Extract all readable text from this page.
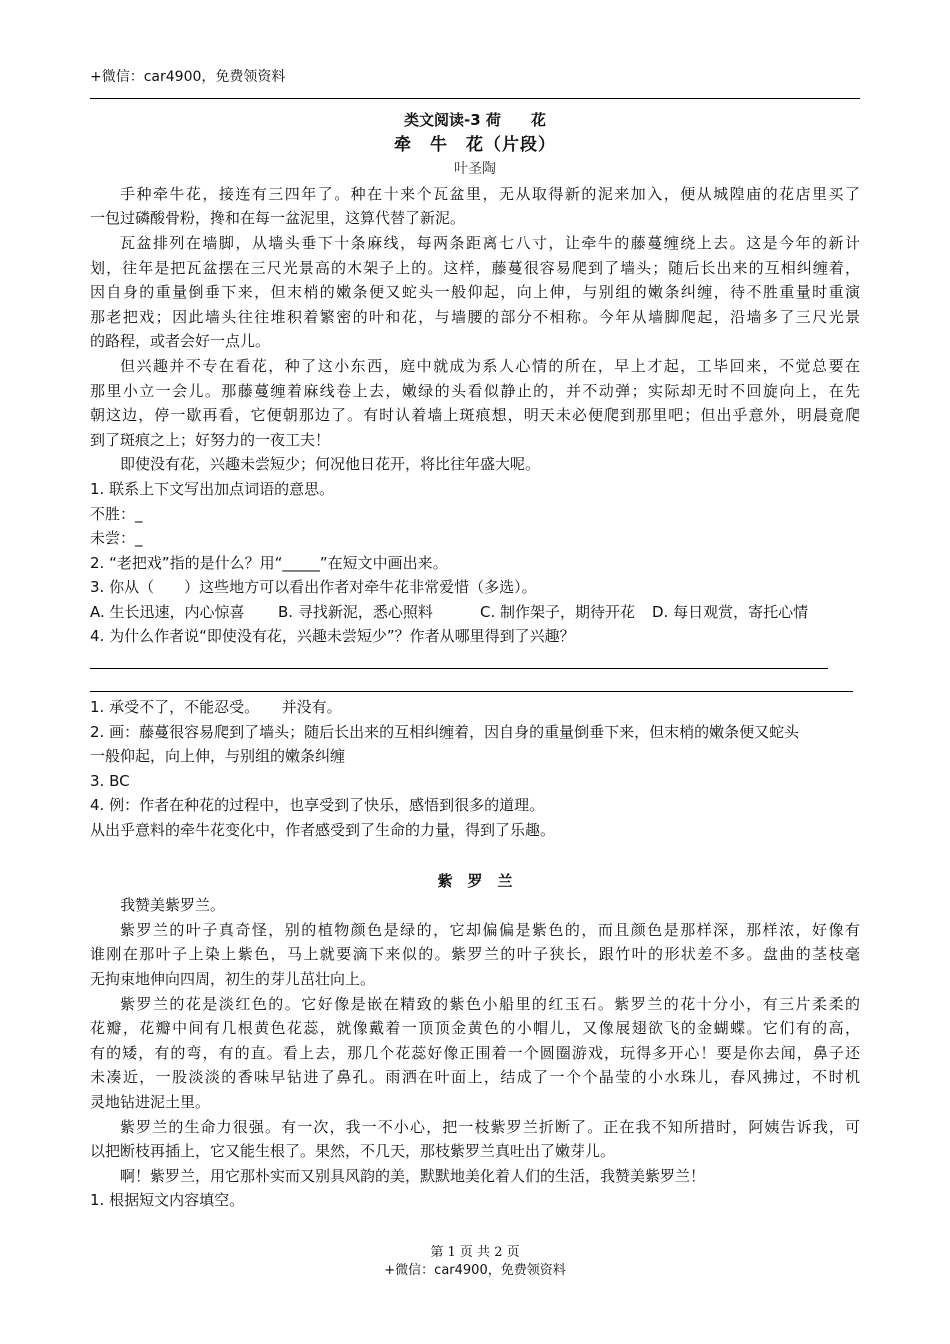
+微信：car4900，免费领资料
类文阅读-3 荷　　花
牵　牛　花（片段）
叶圣陶
手种牵牛花，接连有三四年了。种在十来个瓦盆里，无从取得新的泥来加入，便从城隍庙的花店里买了
一包过磷酸骨粉，搀和在每一盆泥里，这算代替了新泥。
瓦盆排列在墙脚，从墙头垂下十条麻线，每两条距离七八寸，让牵牛的藤蔓缠绕上去。这是今年的新计
划，往年是把瓦盆摆在三尺光景高的木架子上的。这样，藤蔓很容易爬到了墙头；随后长出来的互相纠缠着，
因自身的重量倒垂下来，但末梢的嫩条便又蛇头一般仰起，向上伸，与别组的嫩条纠缠，待不胜重量时重演
那老把戏；因此墙头往往堆积着繁密的叶和花，与墙腰的部分不相称。今年从墙脚爬起，沿墙多了三尺光景
的路程，或者会好一点儿。
但兴趣并不专在看花，种了这小东西，庭中就成为系人心情的所在，早上才起，工毕回来，不觉总要在
那里小立一会儿。那藤蔓缠着麻线卷上去，嫩绿的头看似静止的，并不动弹；实际却无时不回旋向上，在先
朝这边，停一歇再看，它便朝那边了。有时认着墙上斑痕想，明天未必便爬到那里吧；但出乎意外，明晨竟爬
到了斑痕之上；好努力的一夜工夫！
即使没有花，兴趣未尝短少；何况他日花开，将比往年盛大呢。
1. 联系上下文写出加点词语的意思。
不胜：_
未尝：_
2. “老把戏”指的是什么？用“_____”在短文中画出来。
3. 你从（　　）这些地方可以看出作者对牵牛花非常爱惜（多选）。
A. 生长迅速，内心惊喜 B. 寻找新泥，悉心照料	C. 制作架子，期待开花 D. 每日观赏，寄托心情
4. 为什么作者说“即使没有花，兴趣未尝短少”？作者从哪里得到了兴趣？
1. 承受不了，不能忍受。　　并没有。
2. 画：藤蔓很容易爬到了墙头；随后长出来的互相纠缠着，因自身的重量倒垂下来，但末梢的嫩条便又蛇头
一般仰起，向上伸，与别组的嫩条纠缠
3. BC
4. 例：作者在种花的过程中，也享受到了快乐，感悟到很多的道理。
从出乎意料的牵牛花变化中，作者感受到了生命的力量，得到了乐趣。
紫　罗　兰
我赞美紫罗兰。
紫罗兰的叶子真奇怪，别的植物颜色是绿的，它却偏偏是紫色的，而且颜色是那样深，那样浓，好像有
谁刚在那叶子上染上紫色，马上就要滴下来似的。紫罗兰的叶子狭长，跟竹叶的形状差不多。盘曲的茎枝毫
无拘束地伸向四周，初生的芽儿茁壮向上。
紫罗兰的花是淡红色的。它好像是嵌在精致的紫色小船里的红玉石。紫罗兰的花十分小，有三片柔柔的
花瓣，花瓣中间有几根黄色花蕊，就像戴着一顶顶金黄色的小帽儿，又像展翅欲飞的金蝴蝶。它们有的高，
有的矮，有的弯，有的直。看上去，那几个花蕊好像正围着一个圆圈游戏，玩得多开心！要是你去闻，鼻子还
未凑近，一股淡淡的香味早钻进了鼻孔。雨洒在叶面上，结成了一个个晶莹的小水珠儿，春风拂过，不时机
灵地钻进泥土里。
紫罗兰的生命力很强。有一次，我一不小心，把一枝紫罗兰折断了。正在我不知所措时，阿姨告诉我，可
以把断枝再插上，它又能生根了。果然，不几天，那枝紫罗兰真吐出了嫩芽儿。
啊！紫罗兰，用它那朴实而又别具风韵的美，默默地美化着人们的生活，我赞美紫罗兰！
1. 根据短文内容填空。
第 1 页 共 2 页
+微信：car4900，免费领资料
